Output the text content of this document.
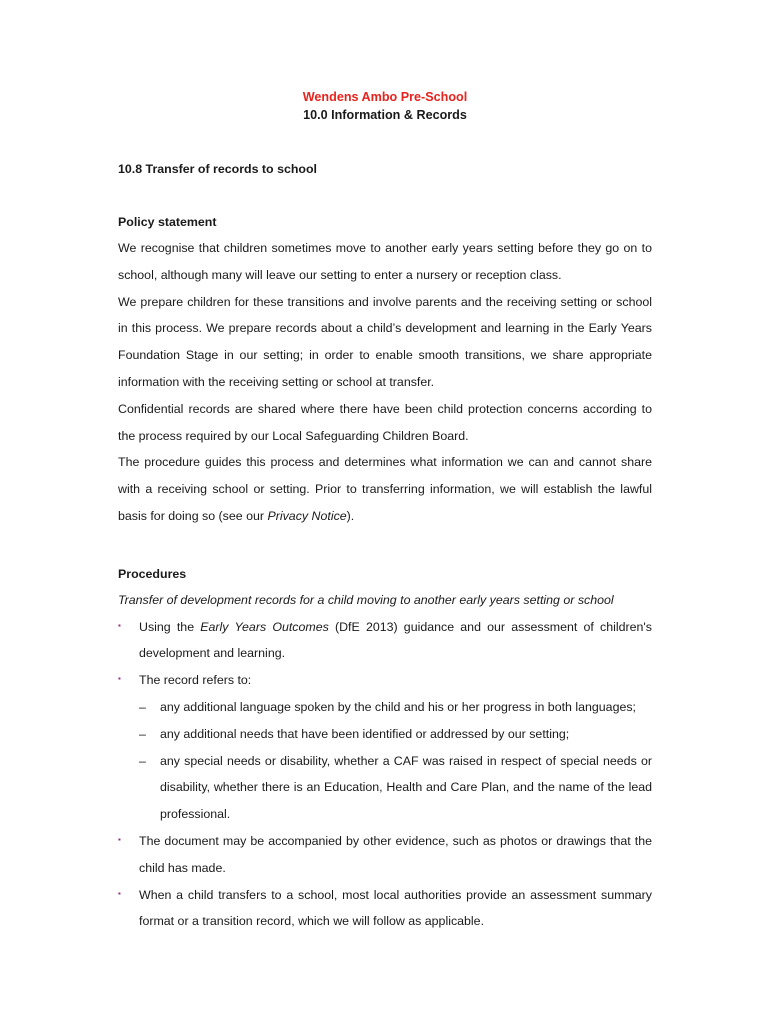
Wendens Ambo Pre-School
10.0 Information & Records
10.8 Transfer of records to school
Policy statement

We recognise that children sometimes move to another early years setting before they go on to school, although many will leave our setting to enter a nursery or reception class.

We prepare children for these transitions and involve parents and the receiving setting or school in this process. We prepare records about a child’s development and learning in the Early Years Foundation Stage in our setting; in order to enable smooth transitions, we share appropriate information with the receiving setting or school at transfer.

Confidential records are shared where there have been child protection concerns according to the process required by our Local Safeguarding Children Board.

The procedure guides this process and determines what information we can and cannot share with a receiving school or setting. Prior to transferring information, we will establish the lawful basis for doing so (see our Privacy Notice).

Procedures

Transfer of development records for a child moving to another early years setting or school

▪ Using the Early Years Outcomes (DfE 2013) guidance and our assessment of children's development and learning.
▪ The record refers to:
– any additional language spoken by the child and his or her progress in both languages;
– any additional needs that have been identified or addressed by our setting;
– any special needs or disability, whether a CAF was raised in respect of special needs or disability, whether there is an Education, Health and Care Plan, and the name of the lead professional.
▪ The document may be accompanied by other evidence, such as photos or drawings that the child has made.
▪ When a child transfers to a school, most local authorities provide an assessment summary format or a transition record, which we will follow as applicable.
